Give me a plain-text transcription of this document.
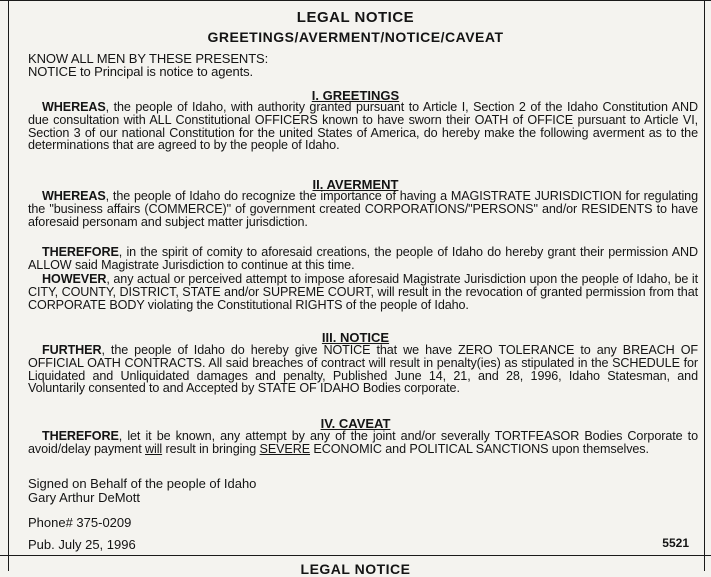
LEGAL NOTICE
GREETINGS/AVERMENT/NOTICE/CAVEAT
KNOW ALL MEN BY THESE PRESENTS:
NOTICE to Principal is notice to agents.
I. GREETINGS
WHEREAS, the people of Idaho, with authority granted pursuant to Article I, Section 2 of the Idaho Constitution AND due consultation with ALL Constitutional OFFICERS known to have sworn their OATH of OFFICE pursuant to Article VI, Section 3 of our national Constitution for the united States of America, do hereby make the following averment as to the determinations that are agreed to by the people of Idaho.
II. AVERMENT
WHEREAS, the people of Idaho do recognize the importance of having a MAGISTRATE JURISDICTION for regulating the "business affairs (COMMERCE)" of government created CORPORATIONS/"PERSONS" and/or RESIDENTS to have aforesaid personam and subject matter jurisdiction.
THEREFORE, in the spirit of comity to aforesaid creations, the people of Idaho do hereby grant their permission AND ALLOW said Magistrate Jurisdiction to continue at this time.
HOWEVER, any actual or perceived attempt to impose aforesaid Magistrate Jurisdiction upon the people of Idaho, be it CITY, COUNTY, DISTRICT, STATE and/or SUPREME COURT, will result in the revocation of granted permission from that CORPORATE BODY violating the Constitutional RIGHTS of the people of Idaho.
III. NOTICE
FURTHER, the people of Idaho do hereby give NOTICE that we have ZERO TOLERANCE to any BREACH OF OFFICIAL OATH CONTRACTS. All said breaches of contract will result in penalty(ies) as stipulated in the SCHEDULE for Liquidated and Unliquidated damages and penalty, Published June 14, 21, and 28, 1996, Idaho Statesman, and Voluntarily consented to and Accepted by STATE OF IDAHO Bodies corporate.
IV. CAVEAT
THEREFORE, let it be known, any attempt by any of the joint and/or severally TORTFEASOR Bodies Corporate to avoid/delay payment will result in bringing SEVERE ECONOMIC and POLITICAL SANCTIONS upon themselves.
Signed on Behalf of the people of Idaho
Gary Arthur DeMott
Phone# 375-0209
Pub. July 25, 1996	5521
LEGAL NOTICE
